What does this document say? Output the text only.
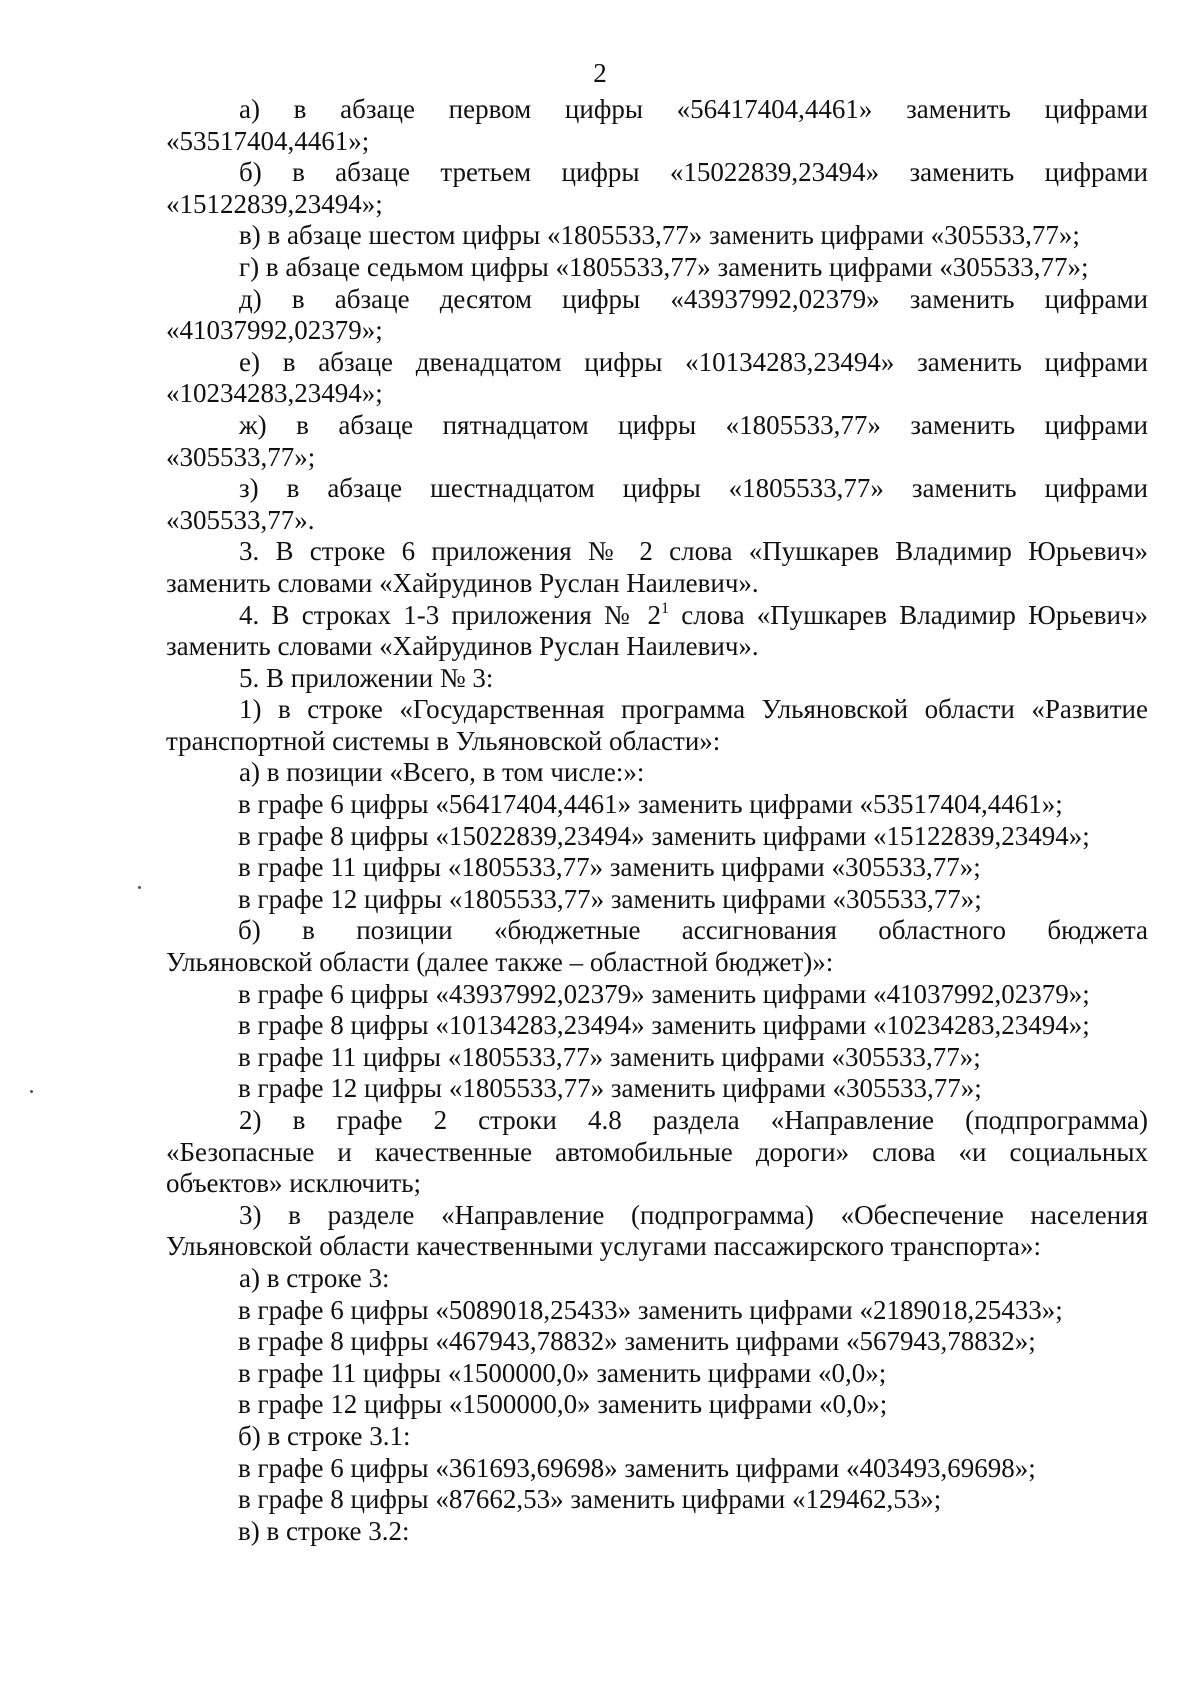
2

а) в абзаце первом цифры «56417404,4461» заменить цифрами

«53517404,4461»;

б) в абзаце третьем цифры «15022839,23494» заменить цифрами

«15122839,23494»;

в) в абзаце шестом цифры «1805533,77» заменить цифрами «305533,77»;

г) в абзаце седьмом цифры «1805533,77» заменить цифрами «305533,77»;

д) в абзаце десятом цифры «43937992,02379» заменить цифрами

«41037992,02379»;

е) в абзаце двенадцатом цифры «10134283,23494» заменить цифрами

«10234283,23494»;

ж) в абзаце пятнадцатом цифры «1805533,77» заменить цифрами

«305533,77»;

з) в абзаце шестнадцатом цифры «1805533,77» заменить цифрами

«305533,77».

3. В строке 6 приложения № 2 слова «Пушкарев Владимир Юрьевич»

заменить словами «Хайрудинов Руслан Наилевич».

4. В строках 1-3 приложения № $2^1$ слова «Пушкарев Владимир Юрьевич»

заменить словами «Хайрудинов Руслан Наилевич».

5. В приложении № 3:

1) в строке «Государственная программа Ульяновской области «Развитие

транспортной системы в Ульяновской области»:

а) в позиции «Всего, в том числе:»:

в графе 6 цифры «56417404,4461» заменить цифрами «53517404,4461»;

в графе 8 цифры «15022839,23494» заменить цифрами «15122839,23494»;

в графе 11 цифры «1805533,77» заменить цифрами «305533,77»;

в графе 12 цифры «1805533,77» заменить цифрами «305533,77»;

б) в позиции «бюджетные ассигнования областного бюджета

Ульяновской области (далее также – областной бюджет)»:

в графе 6 цифры «43937992,02379» заменить цифрами «41037992,02379»;

в графе 8 цифры «10134283,23494» заменить цифрами «10234283,23494»;

в графе 11 цифры «1805533,77» заменить цифрами «305533,77»;

в графе 12 цифры «1805533,77» заменить цифрами «305533,77»;

2) в графе 2 строки 4.8 раздела «Направление (подпрограмма)

«Безопасные и качественные автомобильные дороги» слова «и социальных

объектов» исключить;

3) в разделе «Направление (подпрограмма) «Обеспечение населения

Ульяновской области качественными услугами пассажирского транспорта»:

а) в строке 3:

в графе 6 цифры «5089018,25433» заменить цифрами «2189018,25433»;

в графе 8 цифры «467943,78832» заменить цифрами «567943,78832»;

в графе 11 цифры «1500000,0» заменить цифрами «0,0»;

в графе 12 цифры «1500000,0» заменить цифрами «0,0»;

б) в строке 3.1:

в графе 6 цифры «361693,69698» заменить цифрами «403493,69698»;

в графе 8 цифры «87662,53» заменить цифрами «129462,53»;

в) в строке 3.2:
